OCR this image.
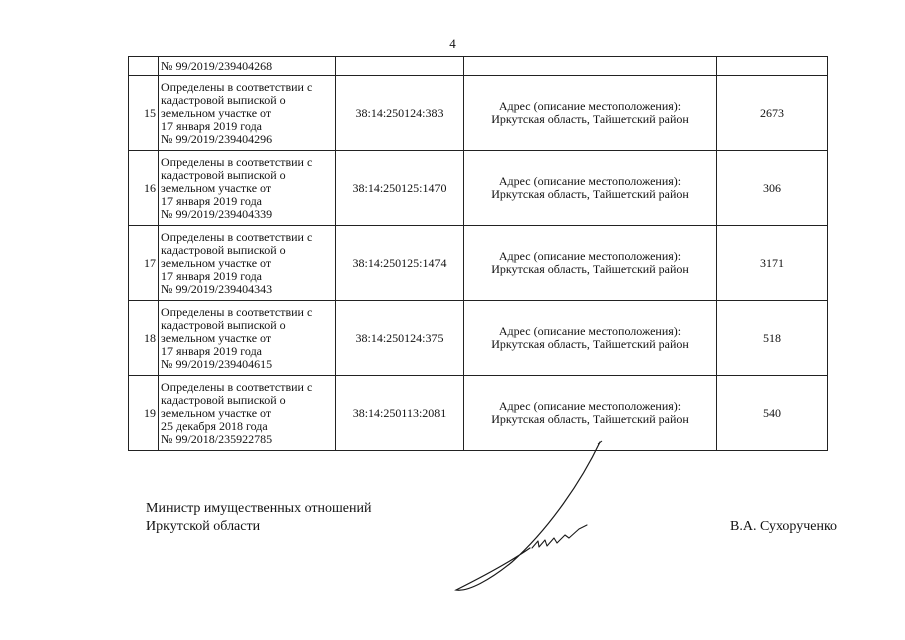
4

	№ 99/2019/239404268			

15	Определены в соответствии с
кадастровой выпиской о
земельном участке от
17 января 2019 года
№ 99/2019/239404296	38:14:250124:383	Адрес (описание местоположения):
Иркутская область, Тайшетский район	2673
16	Определены в соответствии с
кадастровой выпиской о
земельном участке от
17 января 2019 года
№ 99/2019/239404339	38:14:250125:1470	Адрес (описание местоположения):
Иркутская область, Тайшетский район	306
17	Определены в соответствии с
кадастровой выпиской о
земельном участке от
17 января 2019 года
№ 99/2019/239404343	38:14:250125:1474	Адрес (описание местоположения):
Иркутская область, Тайшетский район	3171
18	Определены в соответствии с
кадастровой выпиской о
земельном участке от
17 января 2019 года
№ 99/2019/239404615	38:14:250124:375	Адрес (описание местоположения):
Иркутская область, Тайшетский район	518
19	Определены в соответствии с
кадастровой выпиской о
земельном участке от
25 декабря 2018 года
№ 99/2018/235922785	38:14:250113:2081	Адрес (описание местоположения):
Иркутская область, Тайшетский район	540
Министр имущественных отношений
Иркутской области	В.А. Сухорученко
